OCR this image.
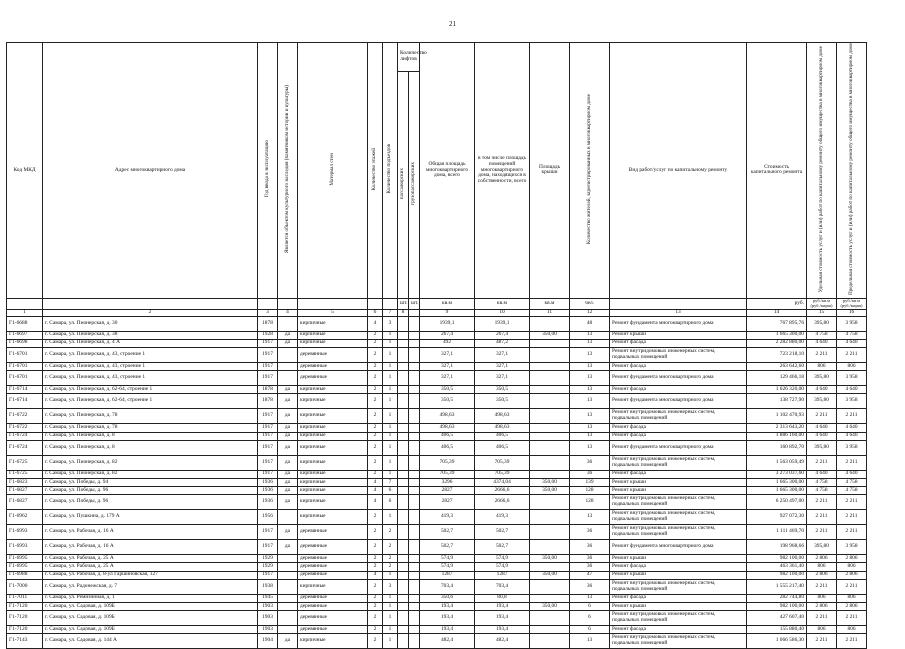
21
Код МКД	Адрес многоквартирного дома	Год ввода в эксплуатацию	Является объектом культурного наследия (памятником истории и культуры)	Материал стен	Количество этажей	Количество подъездов	Количество лифтов		Общая площадь многоквартирного дома, всего	в том числе площадь помещений многоквартирного дома, находящихся в собственности, всего	Площадь крыши	Количество жителей, зарегистрированных в многоквартирном доме	Вид работ/услуг по капитальному ремонту	Стоимость капитального ремонта	Удельная стоимость услуг и (или) работ по капитальному ремонту общего имущества в многоквартирном доме	Предельная стоимость услуг и (или) работ по капитальному ремонту общего имущества в многоквартирном доме
							пассажирских	грузопассажирских								
							шт.	шт.	кв.м	кв.м	кв.м	чел.		руб.	руб./кв.м (руб./марш)	руб./кв.м (руб./марш)
1	2	3	4	5	6	7	8		9	10	11	12	13	14	15	16
Г1-6688	г. Самара, ул. Пионерская, д. 30	1878		кирпичные	4	3			1939,1	1939,1		48	Ремонт фундамента многоквартирного дома	767 895,76	395,80	3 958
Г1-6697	г. Самара, ул. Пионерская, д. 38	1928	да	кирпичные	2	1			267,4	267,4	350,00	13	Ремонт крыши	1 665 300,00	4 758	4 758
Г1-6698	г. Самара, ул. Пионерская, д. 4 А	1917	да	кирпичные	2	1			492	487,2		13	Ремонт фасада	2 282 880,00	4 640	4 640
Г1-6701	г. Самара, ул. Пионерская, д. 43, строение 1	1917		деревянные	2	1			327,1	327,1		13	Ремонт внутридомовых инженерных систем, подвальных помещений	723 218,10	2 211	2 211
Г1-6701	г. Самара, ул. Пионерская, д. 43, строение 1	1917		деревянные	2	1			327,1	327,1		13	Ремонт фасада	263 642,60	806	806
Г1-6701	г. Самара, ул. Пионерская, д. 43, строение 1	1917		деревянные	2	1			327,1	327,1		13	Ремонт фундамента многоквартирного дома	129 466,18	395,80	3 958
Г1-6714	г. Самара, ул. Пионерская, д. 62-64, строение 1	1878	да	кирпичные	2	1			350,5	350,5		13	Ремонт фасада	1 626 320,00	4 640	4 640
Г1-6714	г. Самара, ул. Пионерская, д. 62-64, строение 1	1878	да	кирпичные	2	1			350,5	350,5		13	Ремонт фундамента многоквартирного дома	138 727,90	395,80	3 958
Г1-6722	г. Самара, ул. Пионерская, д. 78	1917	да	кирпичные	2	1			498,63	498,63		13	Ремонт внутридомовых инженерных систем, подвальных помещений	1 102 470,93	2 211	2 211
Г1-6722	г. Самара, ул. Пионерская, д. 78	1917	да	кирпичные	2	1			498,63	498,63		13	Ремонт фасада	2 313 643,20	4 640	4 640
Г1-6724	г. Самара, ул. Пионерская, д. 8	1917	да	кирпичные	2	1			406,5	406,5		13	Ремонт фасада	1 886 160,00	4 640	4 640
Г1-6724	г. Самара, ул. Пионерская, д. 8	1917	да	кирпичные	2	1			406,5	406,5		13	Ремонт фундамента многоквартирного дома	160 892,70	395,80	3 958
Г1-6725	г. Самара, ул. Пионерская, д. 82	1917	да	кирпичные	2	1			705,39	705,39		36	Ремонт внутридомовых инженерных систем, подвальных помещений	1 563 059,49	2 211	2 211
Г1-6725	г. Самара, ул. Пионерская, д. 82	1917	да	кирпичные	2	1			705,39	705,39		36	Ремонт фасада	3 273 037,60	4 640	4 640
Г1-6823	г. Самара, ул. Победы, д. 94	1936	да	кирпичные	4	7			3296	4374,04	350,00	139	Ремонт крыши	1 665 300,00	4 758	4 758
Г1-6827	г. Самара, ул. Победы, д. 96	1936	да	кирпичные	4	6			2827	2666,6	350,00	128	Ремонт крыши	1 665 300,00	4 758	4 758
Г1-6827	г. Самара, ул. Победы, д. 96	1936	да	кирпичные	4	6			2827	2666,6		128	Ремонт внутридомовых инженерных систем, подвальных помещений	6 250 497,00	2 211	2 211
Г1-6962	г. Самара, ул. Пушкина, д. 179 А	1956		кирпичные	2	1			419,3	419,3		13	Ремонт внутридомовых инженерных систем, подвальных помещений	927 072,30	2 211	2 211
Г1-6993	г. Самара, ул. Рабочая, д. 16 А	1917	да	деревянные	2	2			502,7	502,7		36	Ремонт внутридомовых инженерных систем, подвальных помещений	1 111 469,70	2 211	2 211
Г1-6993	г. Самара, ул. Рабочая, д. 16 А	1917	да	деревянные	2	2			502,7	502,7		36	Ремонт фундамента многоквартирного дома	198 968,66	395,80	3 958
Г1-6995	г. Самара, ул. Рабочая, д. 25 А	1929		деревянные	2	2			574,9	574,9	350,00	36	Ремонт крыши	982 100,00	2 806	2 806
Г1-6995	г. Самара, ул. Рабочая, д. 25 А	1929		деревянные	2	2			574,9	574,9		36	Ремонт фасада	463 361,40	806	806
Г1-6988	г. Самара, ул. Рабочая, д. 8-ул Гаршиновская, 127	1917		деревянные	4	1			1287	1287	350,00	47	Ремонт крыши	982 100,00	2 806	2 806
Г1-7000	г. Самара, ул. Радонежская, д. 7	1938		кирпичные	2	3			703,4	703,4		36	Ремонт внутридомовых инженерных систем, подвальных помещений	1 555 217,40	2 211	2 211
Г1-7011	г. Самара, ул. Ремизинная, д. 1	1945		деревянные	2	1			350,6	80,8		13	Ремонт фасада	282 744,80	806	806
Г1-7120	г. Самара, ул. Садовая, д. 109Б	1903		деревянные	2	1			193,4	193,4	350,00	6	Ремонт крыши	982 100,00	2 806	2 806
Г1-7120	г. Самара, ул. Садовая, д. 109Б	1903		деревянные	2	1			193,4	193,4		6	Ремонт внутридомовых инженерных систем, подвальных помещений	427 607,40	2 211	2 211
Г1-7120	г. Самара, ул. Садовая, д. 109Б	1903		деревянные	2	1			193,4	193,4		6	Ремонт фасада	155 880,40	806	806
Г1-7143	г. Самара, ул. Садовая, д. 144 А	1904	да	кирпичные	2	1			482,4	482,4		13	Ремонт внутридомовых инженерных систем, подвальных помещений	1 066 586,30	2 211	2 211
